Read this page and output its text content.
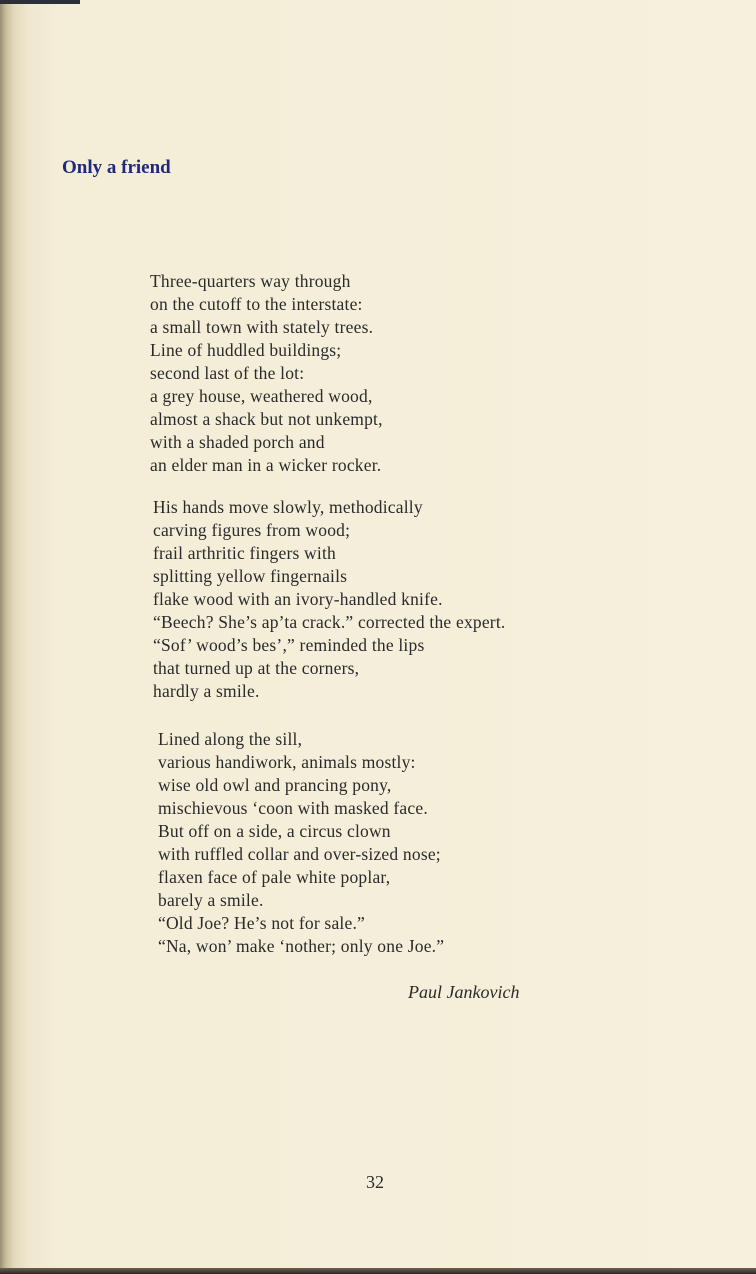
Only a friend
Three-quarters way through
on the cutoff to the interstate:
a small town with stately trees.
Line of huddled buildings;
second last of the lot:
a grey house, weathered wood,
almost a shack but not unkempt,
with a shaded porch and
an elder man in a wicker rocker.
His hands move slowly, methodically
carving figures from wood;
frail arthritic fingers with
splitting yellow fingernails
flake wood with an ivory-handled knife.
“Beech? She’s ap’ta crack.” corrected the expert.
“Sof’ wood’s bes’,” reminded the lips
that turned up at the corners,
hardly a smile.
Lined along the sill,
various handiwork, animals mostly:
wise old owl and prancing pony,
mischievous ‘coon with masked face.
But off on a side, a circus clown
with ruffled collar and over-sized nose;
flaxen face of pale white poplar,
barely a smile.
“Old Joe? He’s not for sale.”
“Na, won’ make ‘nother; only one Joe.”

Paul Jankovich

32
